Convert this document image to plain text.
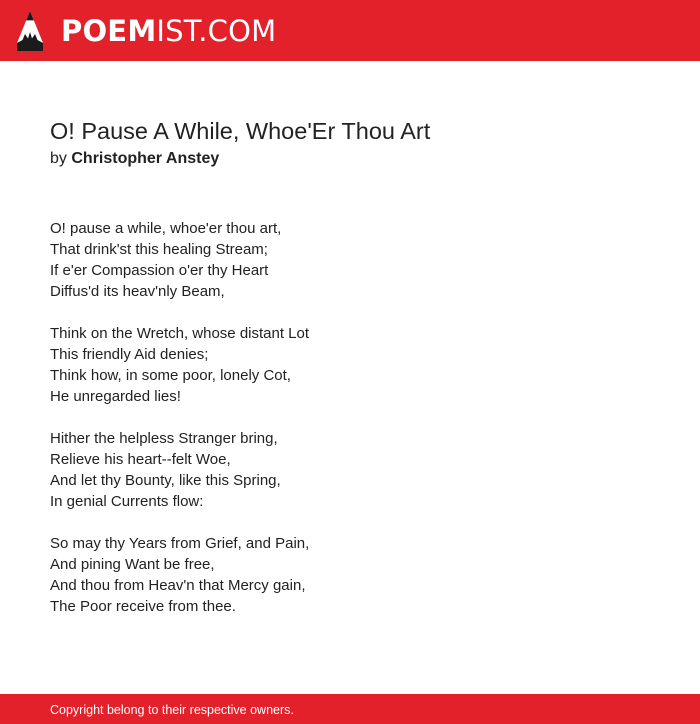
POEMIST.COM
O! Pause A While, Whoe'Er Thou Art
by Christopher Anstey
O! pause a while, whoe'er thou art,
That drink'st this healing Stream;
If e'er Compassion o'er thy Heart
Diffus'd its heav'nly Beam,
Think on the Wretch, whose distant Lot
This friendly Aid denies;
Think how, in some poor, lonely Cot,
He unregarded lies!
Hither the helpless Stranger bring,
Relieve his heart--felt Woe,
And let thy Bounty, like this Spring,
In genial Currents flow:
So may thy Years from Grief, and Pain,
And pining Want be free,
And thou from Heav'n that Mercy gain,
The Poor receive from thee.
Copyright belong to their respective owners.
